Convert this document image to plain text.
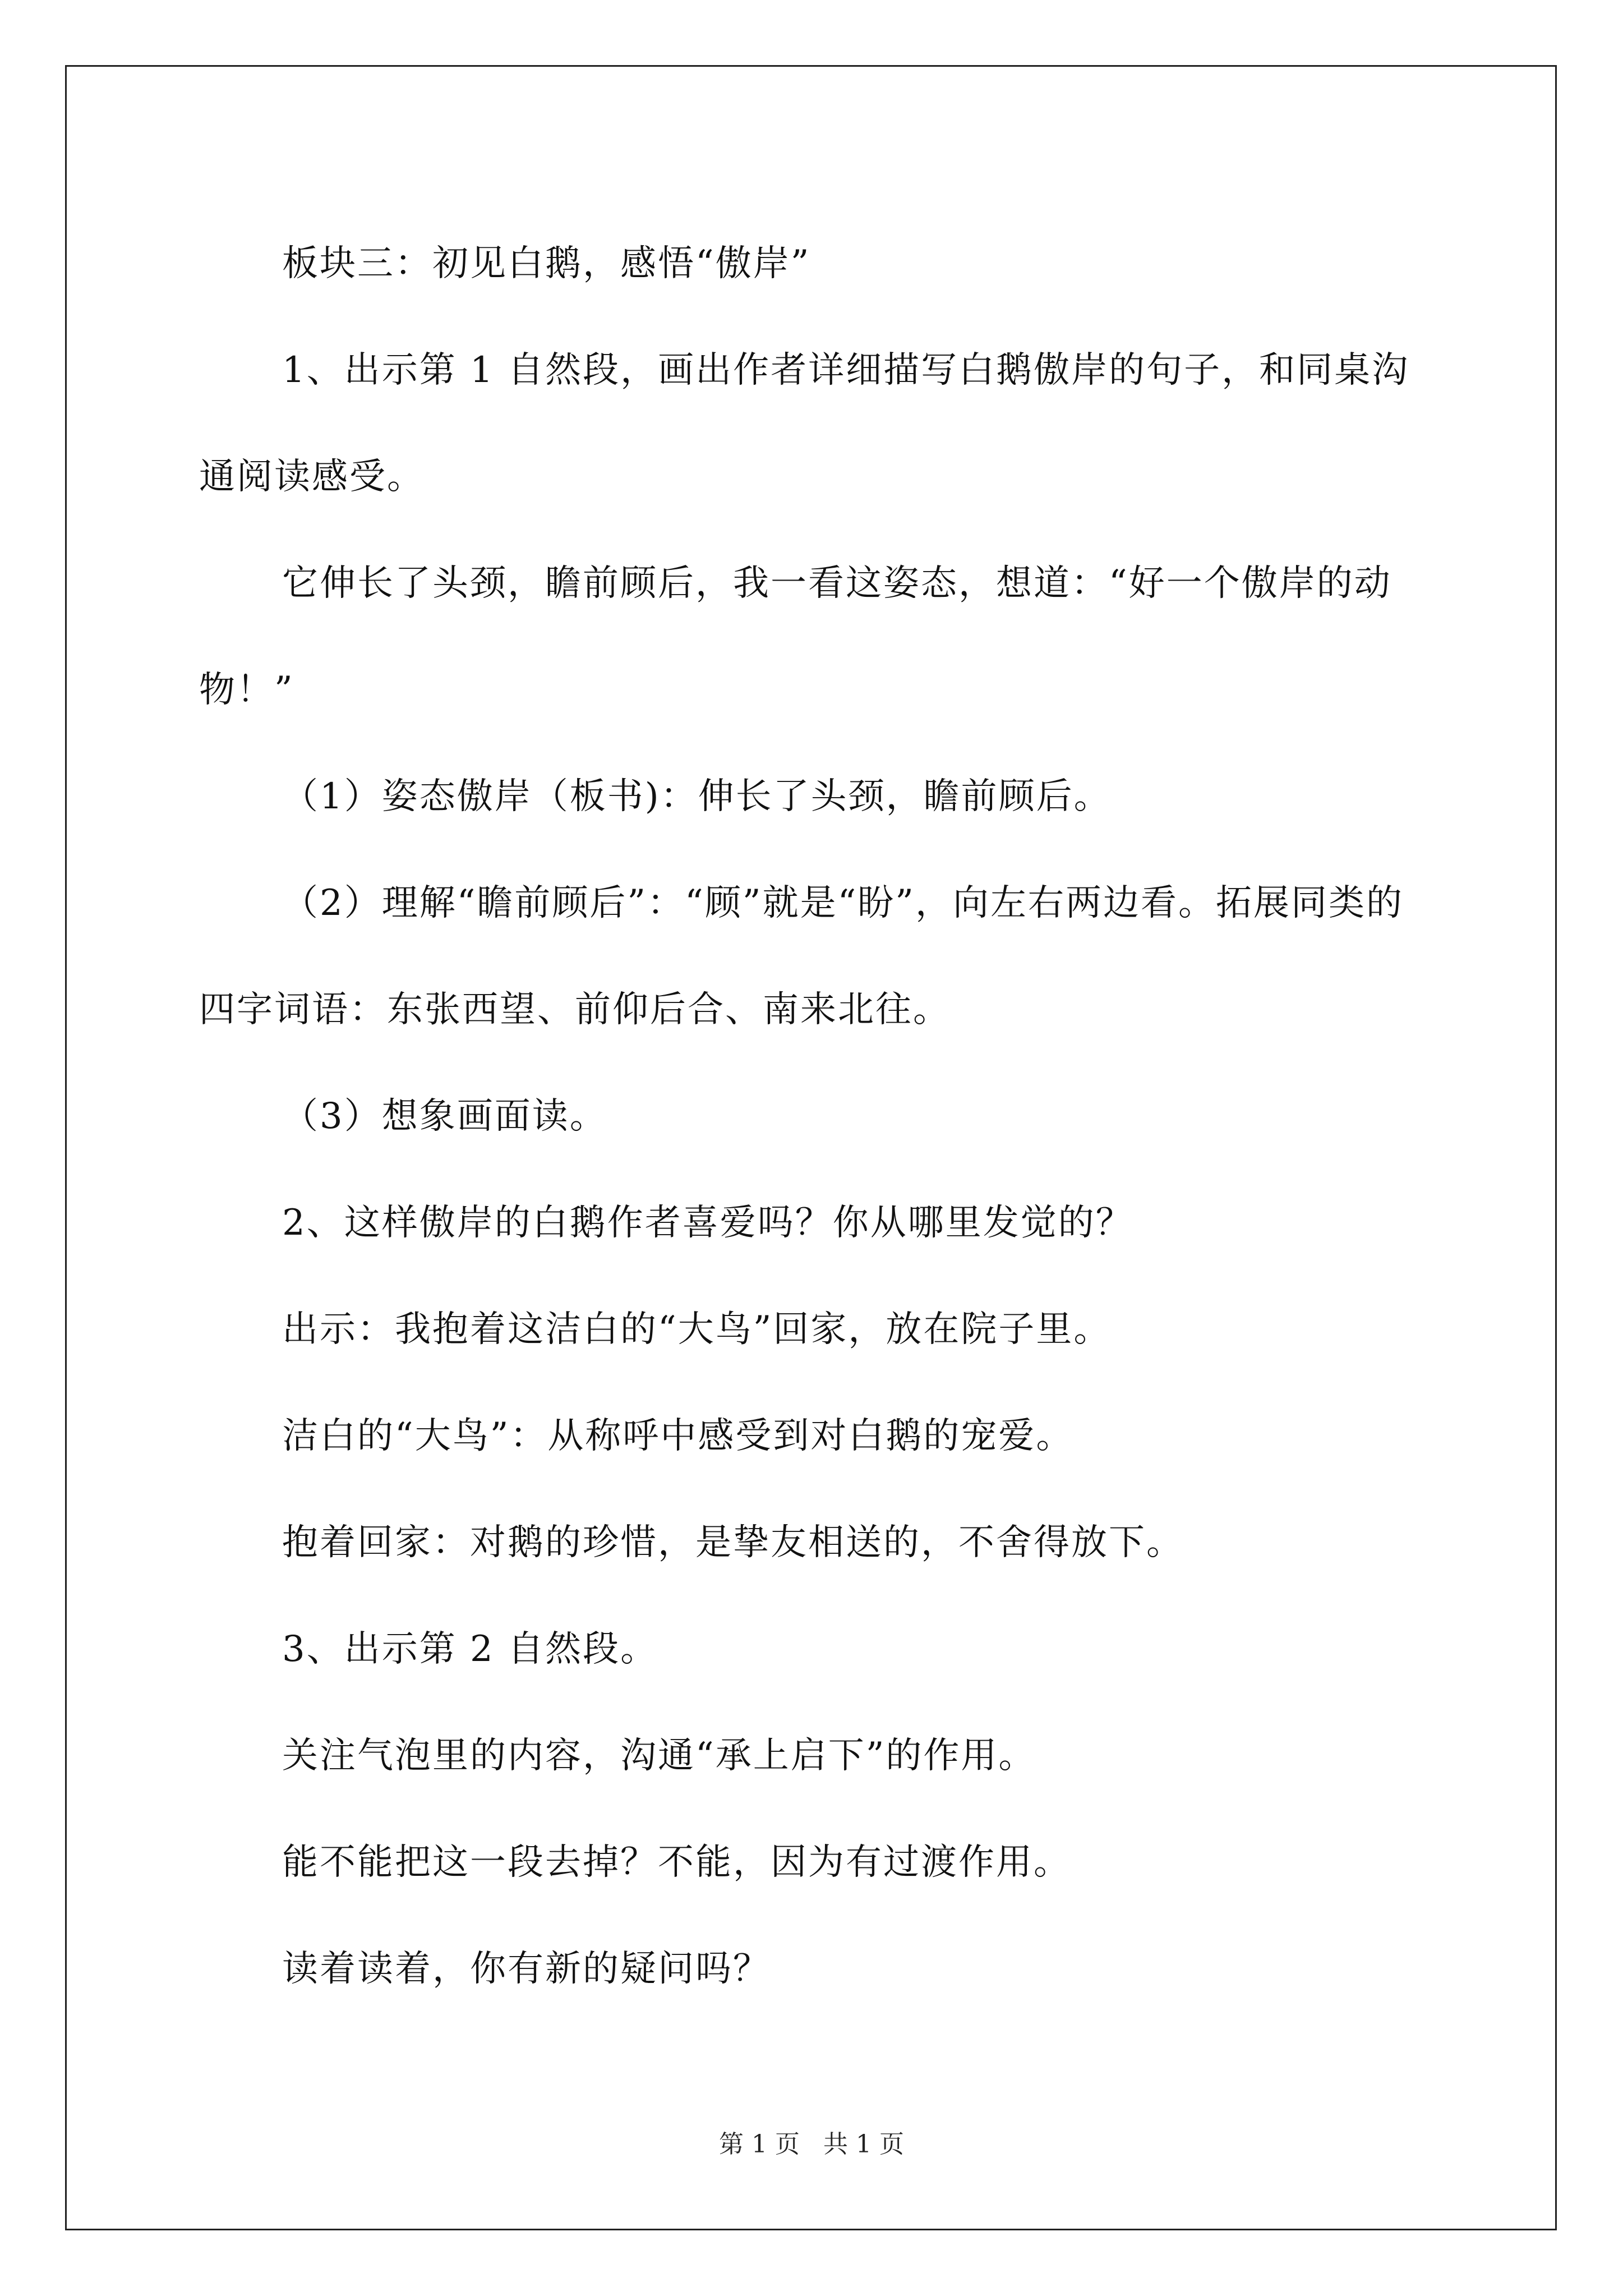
板块三：初见白鹅，感悟“傲岸”

1、出示第 1 自然段，画出作者详细描写白鹅傲岸的句子，和同桌沟通阅读感受。

它伸长了头颈，瞻前顾后，我一看这姿态，想道：“好一个傲岸的动物！”

（1）姿态傲岸（板书)：伸长了头颈，瞻前顾后。

（2）理解“瞻前顾后”：“顾”就是“盼”，向左右两边看。拓展同类的四字词语：东张西望、前仰后合、南来北往。

（3）想象画面读。

2、这样傲岸的白鹅作者喜爱吗？你从哪里发觉的？

出示：我抱着这洁白的“大鸟”回家，放在院子里。

洁白的“大鸟”：从称呼中感受到对白鹅的宠爱。

抱着回家：对鹅的珍惜，是挚友相送的，不舍得放下。

3、出示第 2 自然段。

关注气泡里的内容，沟通“承上启下”的作用。

能不能把这一段去掉？不能，因为有过渡作用。

读着读着，你有新的疑问吗？

第 1 页 共 1 页
